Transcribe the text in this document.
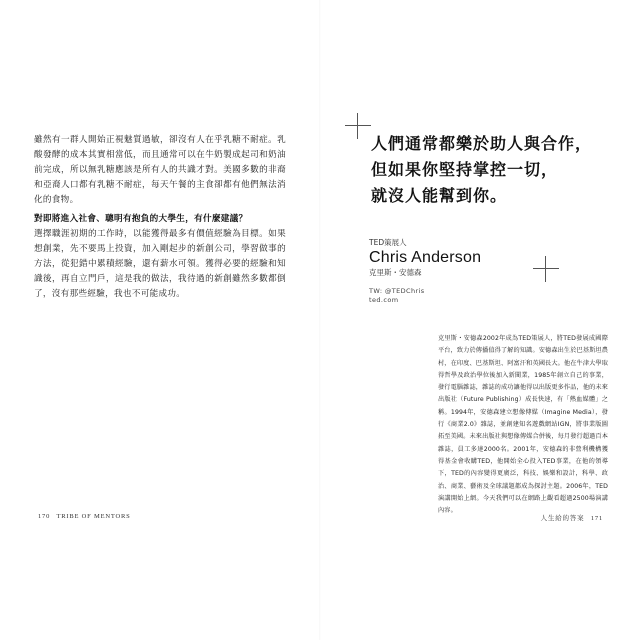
雖然有一群人開始正視魅質過敏，卻沒有人在乎乳糖不耐症。乳酸發酵的成本其實相當低，而且通常可以在牛奶製成起司和奶油前完成，所以無乳糖應該是所有人的共識才對。美國多數的非裔和亞裔人口都有乳糖不耐症，每天午餐的主食卻都有他們無法消化的食物。

對即將進入社會、聰明有抱負的大學生，有什麼建議？

選擇職涯初期的工作時，以能獲得最多有價值經驗為目標。如果想創業，先不要馬上投資，加入剛起步的新創公司，學習做事的方法，從犯錯中累積經驗，還有薪水可領。獲得必要的經驗和知識後，再自立門戶，這是我的做法，我待過的新創雖然多數都倒了，沒有那些經驗，我也不可能成功。

170 TRIBE OF MENTORS
人們通常都樂於助人與合作，
但如果你堅持掌控一切，
就沒人能幫到你。

TED策展人

Chris Anderson

克里斯・安德森

TW: @TEDChris
ted.com

克里斯・安德森2002年成為TED策展人，將TED發展成國際平台，致力於傳播值得了解的知識。安德森出生於巴基斯坦農村，在印度、巴基斯坦、阿富汗和英國長大。他在牛津大學取得哲學及政治學位後加入新聞業，1985年創立自己的事業，發行電腦雜誌，雜誌的成功讓他得以出版更多作品，他的未來出版社（Future Publishing）成長快速，有「熱血媒體」之稱。1994年，安德森建立想像傳媒（Imagine Media），發行《商業2.0》雜誌，並創建知名遊戲網站IGN，將事業版圖拓至美國。未來出版社與想像傳媒合併後，每月發行超過百本雜誌，員工多達2000名。2001年，安德森的非營利機構獲得基金會收購TED，他開始全心投入TED事業，在他的領導下，TED的內容變得更廣泛，科技、娛樂和設計，科學、政治、商業、藝術及全球議題都成為探討主題。2006年，TED演講開始上網。今天我們可以在網路上觀看超過2500場演講內容。

人生給的答案 171
